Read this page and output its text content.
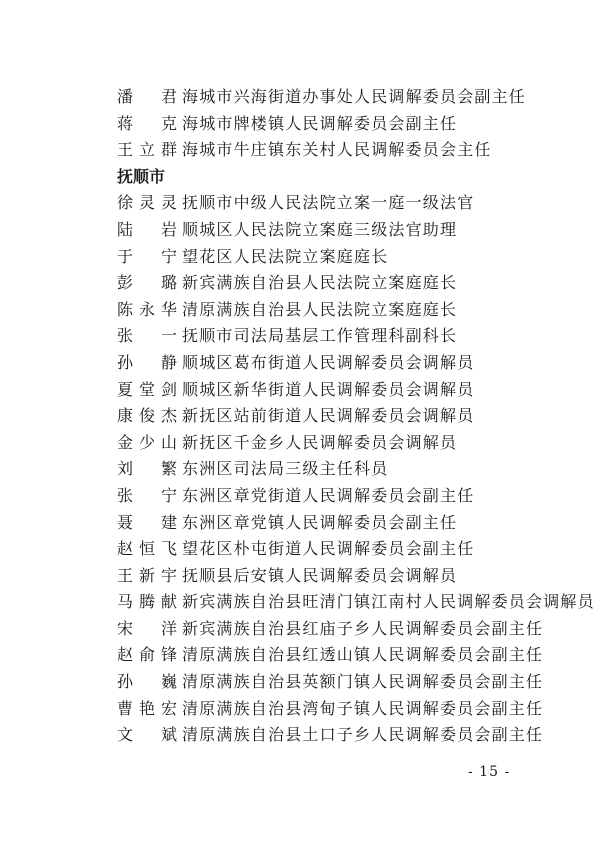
潘　君 海城市兴海街道办事处人民调解委员会副主任
蒋　克 海城市牌楼镇人民调解委员会副主任
王立群 海城市牛庄镇东关村人民调解委员会主任
抚顺市
徐灵灵 抚顺市中级人民法院立案一庭一级法官
陆　岩 顺城区人民法院立案庭三级法官助理
于　宁 望花区人民法院立案庭庭长
彭　璐 新宾满族自治县人民法院立案庭庭长
陈永华 清原满族自治县人民法院立案庭庭长
张　一 抚顺市司法局基层工作管理科副科长
孙　静 顺城区葛布街道人民调解委员会调解员
夏堂剑 顺城区新华街道人民调解委员会调解员
康俊杰 新抚区站前街道人民调解委员会调解员
金少山 新抚区千金乡人民调解委员会调解员
刘　繁 东洲区司法局三级主任科员
张　宁 东洲区章党街道人民调解委员会副主任
聂　建 东洲区章党镇人民调解委员会副主任
赵恒飞 望花区朴屯街道人民调解委员会副主任
王新宇 抚顺县后安镇人民调解委员会调解员
马腾献 新宾满族自治县旺清门镇江南村人民调解委员会调解员
宋　洋 新宾满族自治县红庙子乡人民调解委员会副主任
赵俞锋 清原满族自治县红透山镇人民调解委员会副主任
孙　巍 清原满族自治县英额门镇人民调解委员会副主任
曹艳宏 清原满族自治县湾甸子镇人民调解委员会副主任
文　斌 清原满族自治县土口子乡人民调解委员会副主任
- 15 -
